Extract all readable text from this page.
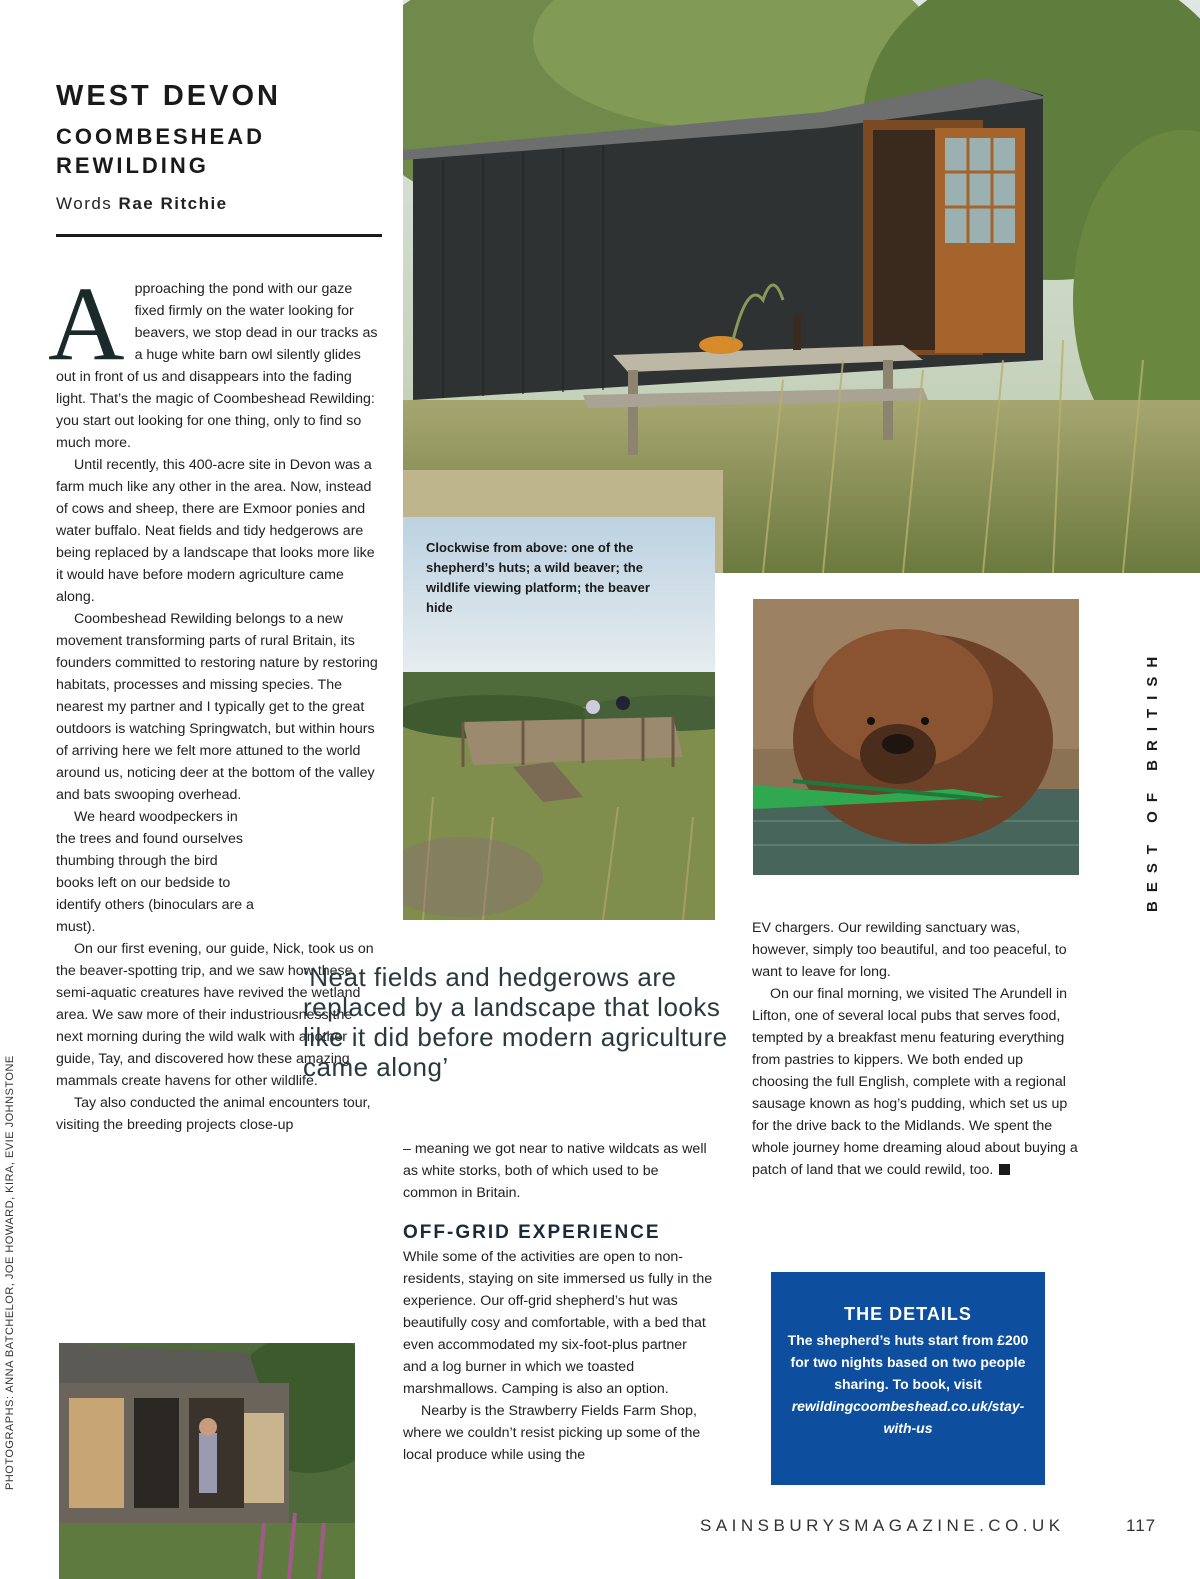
WEST DEVON
COOMBESHEAD REWILDING
Words Rae Ritchie
Clockwise from above: one of the shepherd’s huts; a wild beaver; the wildlife viewing platform; the beaver hide

Approaching the pond with our gaze fixed firmly on the water looking for beavers, we stop dead in our tracks as a huge white barn owl silently glides out in front of us and disappears into the fading light. That’s the magic of Coombeshead Rewilding: you start out looking for one thing, only to find so much more.

Until recently, this 400-acre site in Devon was a farm much like any other in the area. Now, instead of cows and sheep, there are Exmoor ponies and water buffalo. Neat fields and tidy hedgerows are being replaced by a landscape that looks more like it would have before modern agriculture came along.

Coombeshead Rewilding belongs to a new movement transforming parts of rural Britain, its founders committed to restoring nature by restoring habitats, processes and missing species. The nearest my partner and I typically get to the great outdoors is watching Springwatch, but within hours of arriving here we felt more attuned to the world around us, noticing deer at the bottom of the valley and bats swooping overhead.

We heard woodpeckers in the trees and found ourselves thumbing through the bird books left on our bedside to identify others (binoculars are a must).

On our first evening, our guide, Nick, took us on the beaver-spotting trip, and we saw how these semi-aquatic creatures have revived the wetland area. We saw more of their industriousness the next morning during the wild walk with another guide, Tay, and discovered how these amazing mammals create havens for other wildlife.

Tay also conducted the animal encounters tour, visiting the breeding projects close-up

‘Neat fields and hedgerows are replaced by a landscape that looks like it did before modern agriculture came along’

– meaning we got near to native wildcats as well as white storks, both of which used to be common in Britain.

OFF-GRID EXPERIENCE

While some of the activities are open to non-residents, staying on site immersed us fully in the experience. Our off-grid shepherd’s hut was beautifully cosy and comfortable, with a bed that even accommodated my six-foot-plus partner and a log burner in which we toasted marshmallows. Camping is also an option.

Nearby is the Strawberry Fields Farm Shop, where we couldn’t resist picking up some of the local produce while using the

EV chargers. Our rewilding sanctuary was, however, simply too beautiful, and too peaceful, to want to leave for long.

On our final morning, we visited The Arundell in Lifton, one of several local pubs that serves food, tempted by a breakfast menu featuring everything from pastries to kippers. We both ended up choosing the full English, complete with a regional sausage known as hog’s pudding, which set us up for the drive back to the Midlands. We spent the whole journey home dreaming aloud about buying a patch of land that we could rewild, too.

THE DETAILS
The shepherd’s huts start from £200 for two nights based on two people sharing. To book, visit
rewildingcoombeshead.co.uk/stay-with-us
BEST OF BRITISH
PHOTOGRAPHS: ANNA BATCHELOR, JOE HOWARD, KIRA, EVIE JOHNSTONE
SAINSBURYSMAGAZINE.CO.UK	117
